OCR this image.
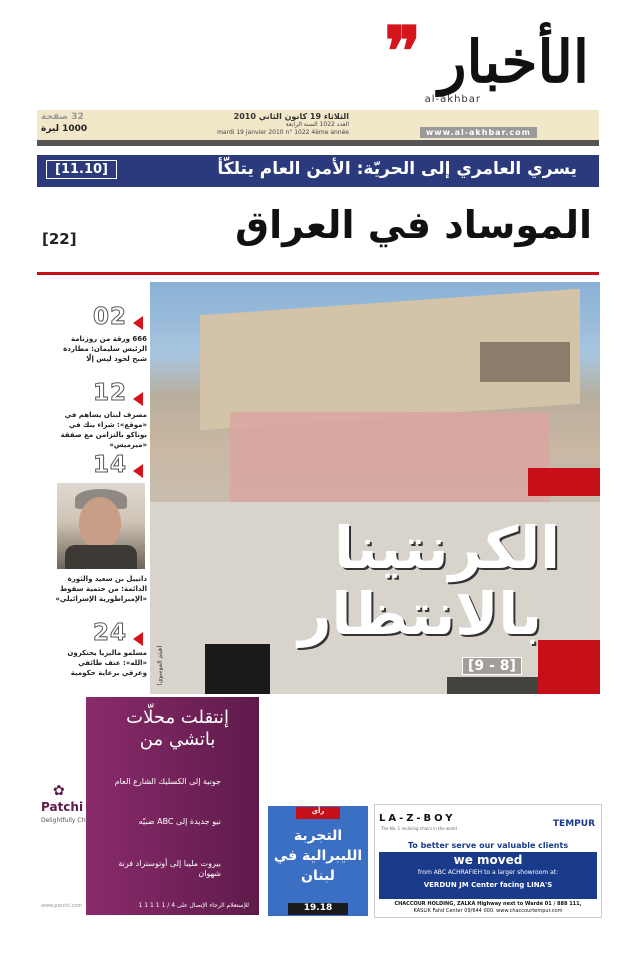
❞ الأخبار
al-akhbar
الثلاثاء 19 كانون الثاني 2010
العدد 1022 السنة الرابعة
mardi 19 janvier 2010 n° 1022 4ème année
32 صفحة
1000 ليرة	www.al-akhbar.com
يسري العامري إلى الحريّة: الأمن العام يتلكّأ
[11.10]
الموساد في العراق
[22]
02
666 ورقة من روزنامة الرئيس سليمان: مطاردة شبح لحود ليس إلّا
12
مصرف لبنان يساهم في «موقع»: شراء بنك في بوناكو بالتزامن مع صفقة «ميرميس»
14
دانييل بن سعيد والثورة الدائمة: من حتمية سقوط «الإمبراطورية الإسرائيلي»
24
مسلمو ماليزيا يحتكرون «الله»: عنف طائفي وعرقي برعاية حكومية
الكرنتينا
بالانتظار
[9 - 8]
(هيثم الموسوي)
إنتقلت محلّات
باتشي من
جونية إلى الكسليك الشارع العام
نيو جديدة إلى ABC ضبيّه
بيروت مليبا إلى أوتوستراد فرنة شهوان
✿
Patchi
Delightfully Chic
للإستعلام الرجاء الإتصال على 4 / 1 1 1 1 1
www.patchi.com
رأي
التجربة الليبرالية في لبنان
19.18
LA-Z-BOY
The No. 1 reclining chairs in the world	TEMPUR
To better serve our valuable clients
we moved
from ABC ACHRAFIEH to a larger showroom at:
VERDUN JM Center facing LINA'S
CHACCOUR HOLDING, ZALKA Highway next to Wardé 01 / 888 111,
KASLIK Fahd Center 09/644 000. www.chaccourtempur.com
